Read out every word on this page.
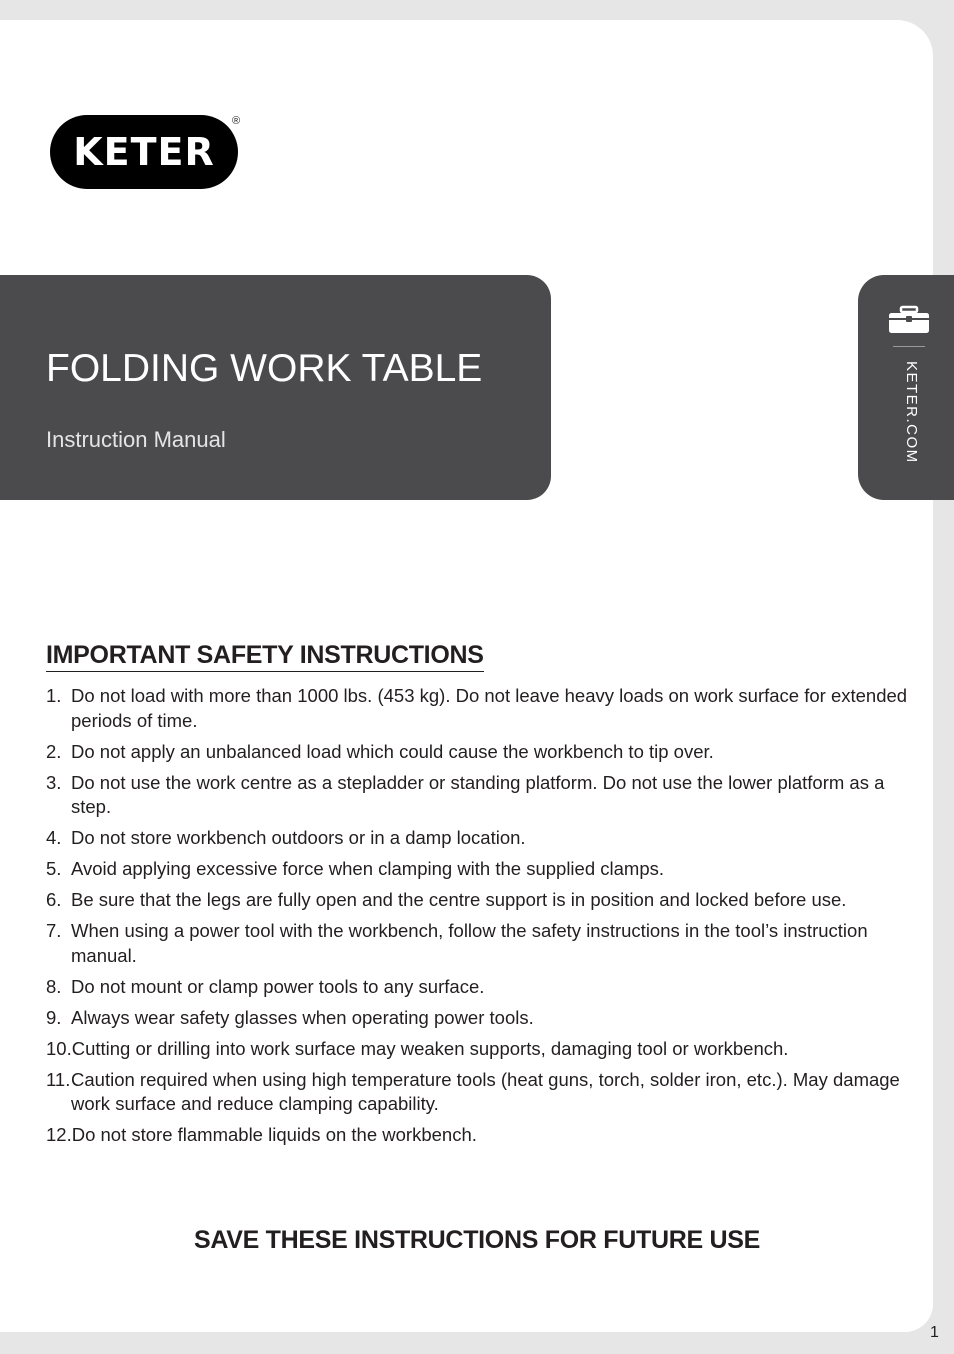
KETER
®
FOLDING WORK TABLE
Instruction Manual	KETER.COM
IMPORTANT SAFETY INSTRUCTIONS
1. Do not load with more than 1000 lbs. (453 kg). Do not leave heavy loads on work surface for extended periods of time.
2. Do not apply an unbalanced load which could cause the workbench to tip over.
3. Do not use the work centre as a stepladder or standing platform. Do not use the lower platform as a step.
4. Do not store workbench outdoors or in a damp location.
5. Avoid applying excessive force when clamping with the supplied clamps.
6. Be sure that the legs are fully open and the centre support is in position and locked before use.
7. When using a power tool with the workbench, follow the safety instructions in the tool’s instruction manual.
8. Do not mount or clamp power tools to any surface.
9. Always wear safety glasses when operating power tools.
10. Cutting or drilling into work surface may weaken supports, damaging tool or workbench.
11. Caution required when using high temperature tools (heat guns, torch, solder iron, etc.). May damage work surface and reduce clamping capability.
12. Do not store flammable liquids on the workbench.
SAVE THESE INSTRUCTIONS FOR FUTURE USE
1
